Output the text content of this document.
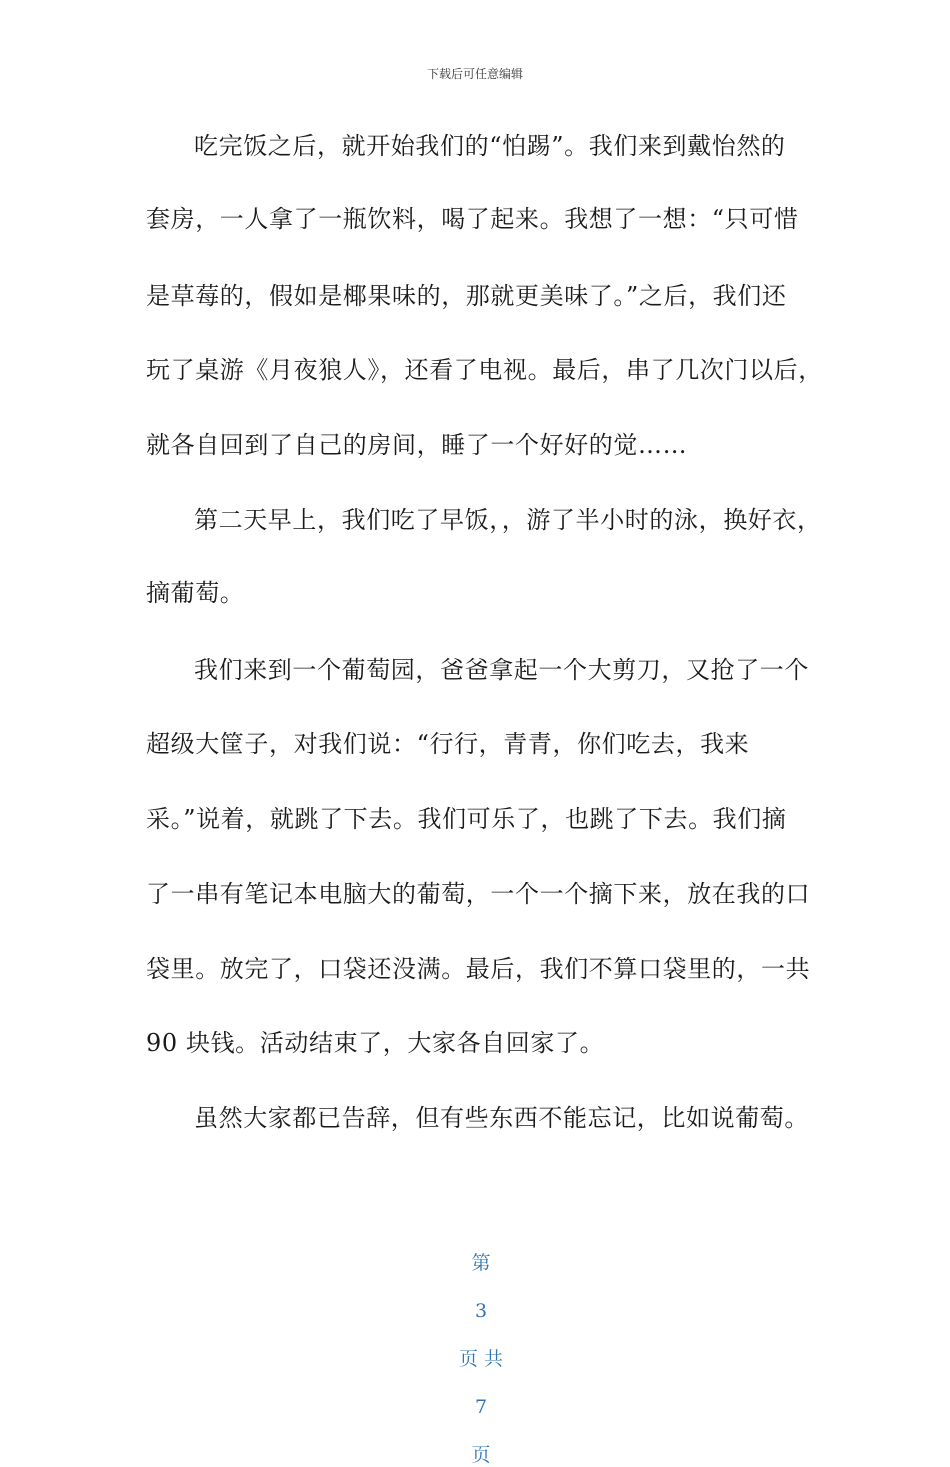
下载后可任意编辑
吃完饭之后，就开始我们的“怕踢”。我们来到戴怡然的
套房，一人拿了一瓶饮料，喝了起来。我想了一想：“只可惜
是草莓的，假如是椰果味的，那就更美味了。”之后，我们还
玩了桌游《月夜狼人》，还看了电视。最后，串了几次门以后，
就各自回到了自己的房间，睡了一个好好的觉……
第二天早上，我们吃了早饭，，游了半小时的泳，换好衣，
摘葡萄。
我们来到一个葡萄园，爸爸拿起一个大剪刀，又抢了一个
超级大筐子，对我们说：“行行，青青，你们吃去，我来
采。”说着，就跳了下去。我们可乐了，也跳了下去。我们摘
了一串有笔记本电脑大的葡萄，一个一个摘下来，放在我的口
袋里。放完了，口袋还没满。最后，我们不算口袋里的，一共
90 块钱。活动结束了，大家各自回家了。
虽然大家都已告辞，但有些东西不能忘记，比如说葡萄。

第

3

页 共

7

页
